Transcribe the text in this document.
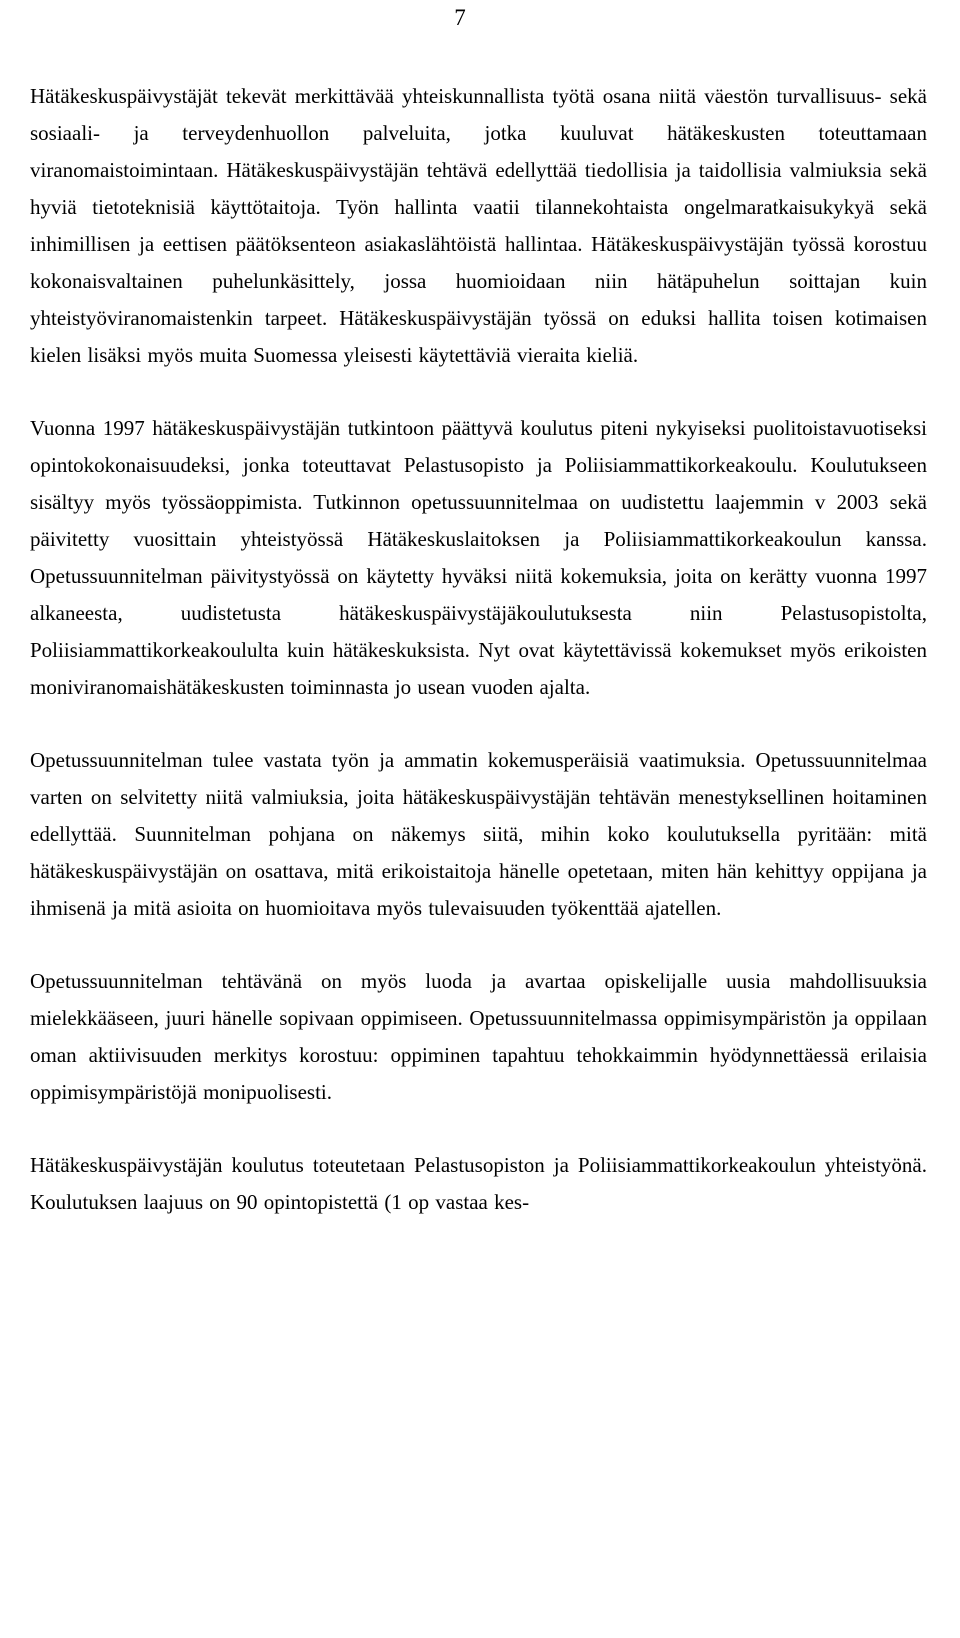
7

Hätäkeskuspäivystäjät tekevät merkittävää yhteiskunnallista työtä osana niitä väestön turvallisuus- sekä sosiaali- ja terveydenhuollon palveluita, jotka kuuluvat hätäkeskusten toteuttamaan viranomaistoimintaan. Hätäkeskuspäivystäjän tehtävä edellyttää tiedollisia ja taidollisia valmiuksia sekä hyviä tietoteknisiä käyttötaitoja. Työn hallinta vaatii tilannekohtaista ongelmaratkaisukykyä sekä inhimillisen ja eettisen päätöksenteon asiakaslähtöistä hallintaa. Hätäkeskuspäivystäjän työssä korostuu kokonaisvaltainen puhelunkäsittely, jossa huomioidaan niin hätäpuhelun soittajan kuin yhteistyöviranomaistenkin tarpeet. Hätäkeskuspäivystäjän työssä on eduksi hallita toisen kotimaisen kielen lisäksi myös muita Suomessa yleisesti käytettäviä vieraita kieliä.

Vuonna 1997 hätäkeskuspäivystäjän tutkintoon päättyvä koulutus piteni nykyiseksi puolitoistavuotiseksi opintokokonaisuudeksi, jonka toteuttavat Pelastusopisto ja Poliisiammattikorkeakoulu. Koulutukseen sisältyy myös työssäoppimista. Tutkinnon opetussuunnitelmaa on uudistettu laajemmin v 2003 sekä päivitetty vuosittain yhteistyössä Hätäkeskuslaitoksen ja Poliisiammattikorkeakoulun kanssa. Opetussuunnitelman päivitystyössä on käytetty hyväksi niitä kokemuksia, joita on kerätty vuonna 1997 alkaneesta, uudistetusta hätäkeskuspäivystäjäkoulutuksesta niin Pelastusopistolta, Poliisiammattikorkeakoululta kuin hätäkeskuksista. Nyt ovat käytettävissä kokemukset myös erikoisten moniviranomaishätäkeskusten toiminnasta jo usean vuoden ajalta.

Opetussuunnitelman tulee vastata työn ja ammatin kokemusperäisiä vaatimuksia. Opetussuunnitelmaa varten on selvitetty niitä valmiuksia, joita hätäkeskuspäivystäjän tehtävän menestyksellinen hoitaminen edellyttää. Suunnitelman pohjana on näkemys siitä, mihin koko koulutuksella pyritään: mitä hätäkeskuspäivystäjän on osattava, mitä erikoistaitoja hänelle opetetaan, miten hän kehittyy oppijana ja ihmisenä ja mitä asioita on huomioitava myös tulevaisuuden työkenttää ajatellen.

Opetussuunnitelman tehtävänä on myös luoda ja avartaa opiskelijalle uusia mahdollisuuksia mielekkääseen, juuri hänelle sopivaan oppimiseen. Opetussuunnitelmassa oppimisympäristön ja oppilaan oman aktiivisuuden merkitys korostuu: oppiminen tapahtuu tehokkaimmin hyödynnettäessä erilaisia oppimisympäristöjä monipuolisesti.

Hätäkeskuspäivystäjän koulutus toteutetaan Pelastusopiston ja Poliisiammattikorkeakoulun yhteistyönä. Koulutuksen laajuus on 90 opintopistettä (1 op vastaa kes-
